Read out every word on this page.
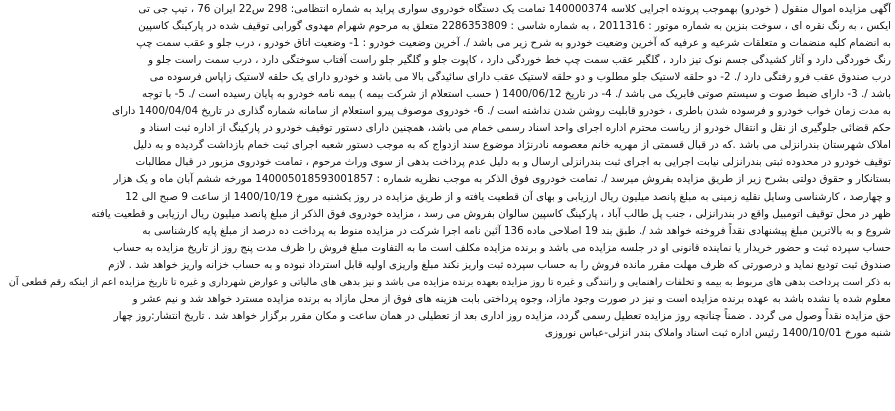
آگهی مزایده اموال منقول ( خودرو) بهموجب پرونده اجرایی کلاسه 140000374 تمامت یک دستگاه خودروی سواری پراید به شماره انتظامی: 298 س22 ایران 76 ، تیپ جی تی
ایکس ، به رنگ نقره ای ، سوخت بنزین به شماره موتور : 2011316 ، به شماره شاسی : 2286353809 متعلق به مرحوم شهرام مهدوی گورابی توقیف شده در پارکینگ کاسپین
به انضمام کلیه منضمات و متعلقات شرعیه و عرفیه که آخرین وضعیت خودرو به شرح زیر می باشد /. آخرین وضعیت خودرو : 1- وضعیت اتاق خودرو ، درب جلو و عقب سمت چپ
رنگ خوردگی دارد و آثار کشیدگی جسم نوک تیز دارد ، گلگیر عقب سمت چپ خط خوردگی دارد ، کاپوت جلو و گلگیر جلو راست آفتاب سوختگی دارد ، درب سمت راست جلو و
درب صندوق عقب فرو رفتگی دارد /. 2- دو حلقه لاستیک جلو مطلوب و دو حلقه لاستیک عقب دارای سائیدگی بالا می باشد و خودرو دارای یک حلقه لاستیک زاپاس فرسوده می
باشد /. 3- دارای ضبط صوت و سیستم صوتی فابریک می باشد /. 4- در تاریخ 1400/06/12 ( حسب استعلام از شرکت بیمه ) بیمه نامه خودرو به پایان رسیده است /. 5- با توجه
به مدت زمان خواب خودرو و فرسوده شدن باطری ، خودرو قابلیت روشن شدن نداشته است /. 6- خودروی موصوف پیرو استعلام از سامانه شماره گذاری در تاریخ 1400/04/04 دارای
حکم قضائی جلوگیری از نقل و انتقال خودرو از ریاست محترم اداره اجرای واحد اسناد رسمی خمام می باشد، همچنین دارای دستور توقیف خودرو در پارکینگ از اداره ثبت اسناد و
املاک شهرستان بندرانزلی می باشد .که در قبال قسمتی از مهریه خانم معصومه نادرنژاد موضوع سند ازدواج که به موجب دستور شعبه اجرای ثبت خمام بازداشت گردیده و به دلیل
توقیف خودرو در محدوده ثبتی بندرانزلی نیابت اجرایی به اجرای ثبت بندرانزلی ارسال و به دلیل عدم پرداخت بدهی از سوی وراث مرحوم ، تمامت خودروی مزبور در قبال مطالبات
بستانکار و حقوق دولتی بشرح زیر از طریق مزایده بفروش میرسد /. تمامت خودروی فوق الذکر به موجب نظریه شماره : 140005018593001857 مورخه ششم آبان ماه و یک هزار
و چهارصد ، کارشناسی وسایل نقلیه زمینی به مبلغ پانصد میلیون ریال ارزیابی و بهای آن قطعیت یافته و از طریق مزایده در روز یکشنبه مورخ 1400/10/19 از ساعت 9 صبح الی 12
ظهر در محل توقیف اتومبیل واقع در بندرانزلی ، جنب پل طالب آباد ، پارکینگ کاسپین سالوان بفروش می رسد ، مزایده خودروی فوق الذکر از مبلغ پانصد میلیون ریال ارزیابی و قطعیت یافته
شروع و به بالاترین مبلغ پیشنهادی نقداً فروخته خواهد شد /. طبق بند 19 اصلاحی ماده 136 آئین نامه اجرا شرکت در مزایده منوط به پرداخت ده درصد از مبلغ پایه کارشناسی به
حساب سپرده ثبت و حضور خریدار یا نماینده قانونی او در جلسه مزایده می باشد و برنده مزایده مکلف است ما به التفاوت مبلغ فروش را ظرف مدت پنج روز از تاریخ مزایده به حساب
صندوق ثبت تودیع نماید و درصورتی که ظرف مهلت مقرر مانده فروش را به حساب سپرده ثبت واریز نکند مبلغ واریزی اولیه قابل استرداد نبوده و به حساب خزانه واریز خواهد شد . لازم
به ذکر است پرداخت بدهی های مربوط به بیمه و تخلفات راهنمایی و رانندگی و غیره تا روز مزایده بعهده برنده مزایده می باشد و نیز بدهی های مالیاتی و عوارض شهرداری و غیره تا تاریخ مزایده اعم از اینکه رقم قطعی آن
معلوم شده یا نشده باشد به عهده برنده مزایده است و نیز در صورت وجود مازاد، وجوه پرداختی بابت هزینه های فوق از محل مازاد به برنده مزایده مسترد خواهد شد و نیم عشر و
حق مزایده نقداً وصول می گردد . ضمناً چنانچه روز مزایده تعطیل رسمی گردد، مزایده روز اداری بعد از تعطیلی در همان ساعت و مکان مقرر برگزار خواهد شد . تاریخ انتشار:روز چهار
شنبه مورخ 1400/10/01 رئیس اداره ثبت اسناد واملاک بندر انزلی-عباس نوروزی
